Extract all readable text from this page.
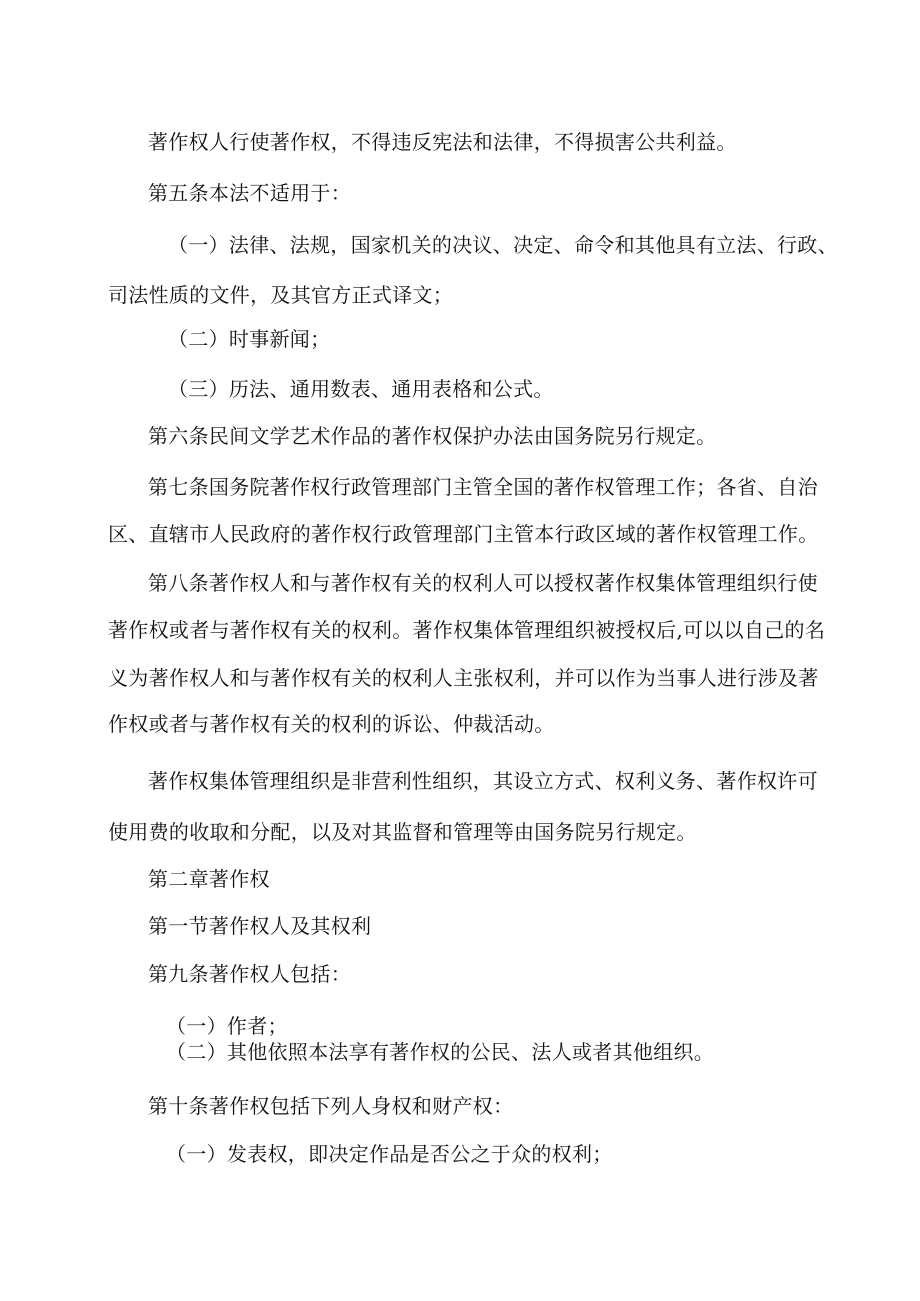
著作权人行使著作权，不得违反宪法和法律，不得损害公共利益。
第五条本法不适用于：
（一）法律、法规，国家机关的决议、决定、命令和其他具有立法、行政、
司法性质的文件，及其官方正式译文；
（二）时事新闻；
（三）历法、通用数表、通用表格和公式。
第六条民间文学艺术作品的著作权保护办法由国务院另行规定。
第七条国务院著作权行政管理部门主管全国的著作权管理工作；各省、自治
区、直辖市人民政府的著作权行政管理部门主管本行政区域的著作权管理工作。
第八条著作权人和与著作权有关的权利人可以授权著作权集体管理组织行使
著作权或者与著作权有关的权利。著作权集体管理组织被授权后,可以以自己的名
义为著作权人和与著作权有关的权利人主张权利，并可以作为当事人进行涉及著
作权或者与著作权有关的权利的诉讼、仲裁活动。
著作权集体管理组织是非营利性组织，其设立方式、权利义务、著作权许可
使用费的收取和分配，以及对其监督和管理等由国务院另行规定。
第二章著作权
第一节著作权人及其权利
第九条著作权人包括：
（一）作者；
（二）其他依照本法享有著作权的公民、法人或者其他组织。
第十条著作权包括下列人身权和财产权：
（一）发表权，即决定作品是否公之于众的权利；
